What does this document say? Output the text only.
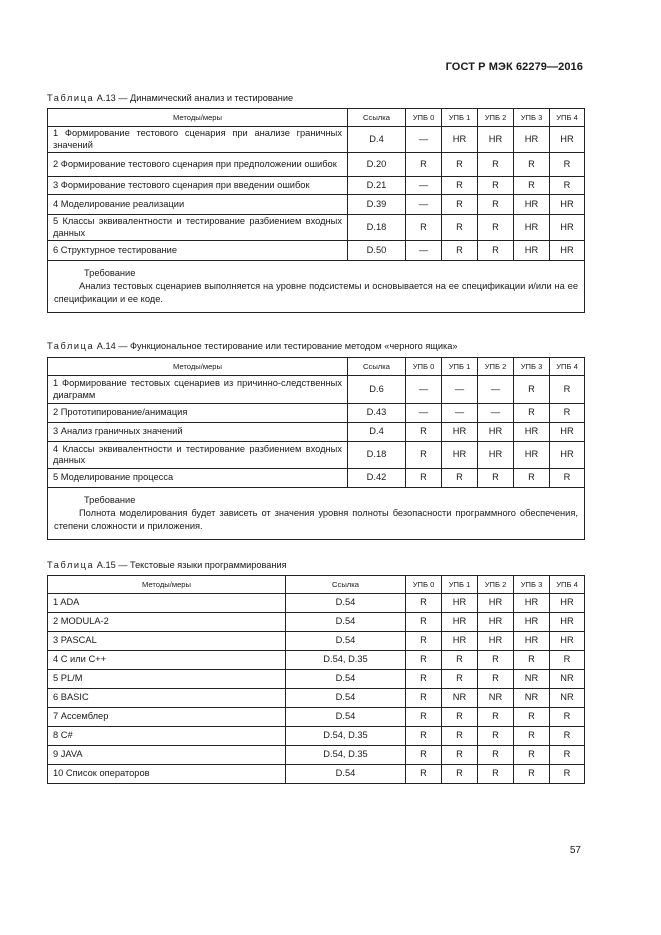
ГОСТ Р МЭК 62279—2016
Таблица А.13 — Динамический анализ и тестирование
Методы/меры	Ссылка	УПБ 0	УПБ 1	УПБ 2	УПБ 3	УПБ 4
1 Формирование тестового сценария при анализе граничных значений	D.4	—	HR	HR	HR	HR
2 Формирование тестового сценария при предположении ошибок	D.20	R	R	R	R	R
3 Формирование тестового сценария при введении ошибок	D.21	—	R	R	R	R
4 Моделирование реализации	D.39	—	R	R	HR	HR
5 Классы эквивалентности и тестирование разбиением входных данных	D.18	R	R	R	HR	HR
6 Структурное тестирование	D.50	—	R	R	HR	HR

Требование
Анализ тестовых сценариев выполняется на уровне подсистемы и основывается на ее спецификации и/или на ее спецификации и ее коде.						
Таблица А.14 — Функциональное тестирование или тестирование методом «черного ящика»
Методы/меры	Ссылка	УПБ 0	УПБ 1	УПБ 2	УПБ 3	УПБ 4
1 Формирование тестовых сценариев из причинно-следственных диаграмм	D.6	—	—	—	R	R
2 Прототипирование/анимация	D.43	—	—	—	R	R
3 Анализ граничных значений	D.4	R	HR	HR	HR	HR
4 Классы эквивалентности и тестирование разбиением входных данных	D.18	R	HR	HR	HR	HR
5 Моделирование процесса	D.42	R	R	R	R	R

Требование
Полнота моделирования будет зависеть от значения уровня полноты безопасности программного обеспечения, степени сложности и приложения.						
Таблица А.15 — Текстовые языки программирования
Методы/меры	Ссылка	УПБ 0	УПБ 1	УПБ 2	УПБ 3	УПБ 4
1 ADA	D.54	R	HR	HR	HR	HR
2 MODULA-2	D.54	R	HR	HR	HR	HR
3 PASCAL	D.54	R	HR	HR	HR	HR
4 C или C++	D.54, D.35	R	R	R	R	R
5 PL/M	D.54	R	R	R	NR	NR
6 BASIC	D.54	R	NR	NR	NR	NR
7 Ассемблер	D.54	R	R	R	R	R
8 C#	D.54, D.35	R	R	R	R	R
9 JAVA	D.54, D.35	R	R	R	R	R
10 Список операторов	D.54	R	R	R	R	R
57
